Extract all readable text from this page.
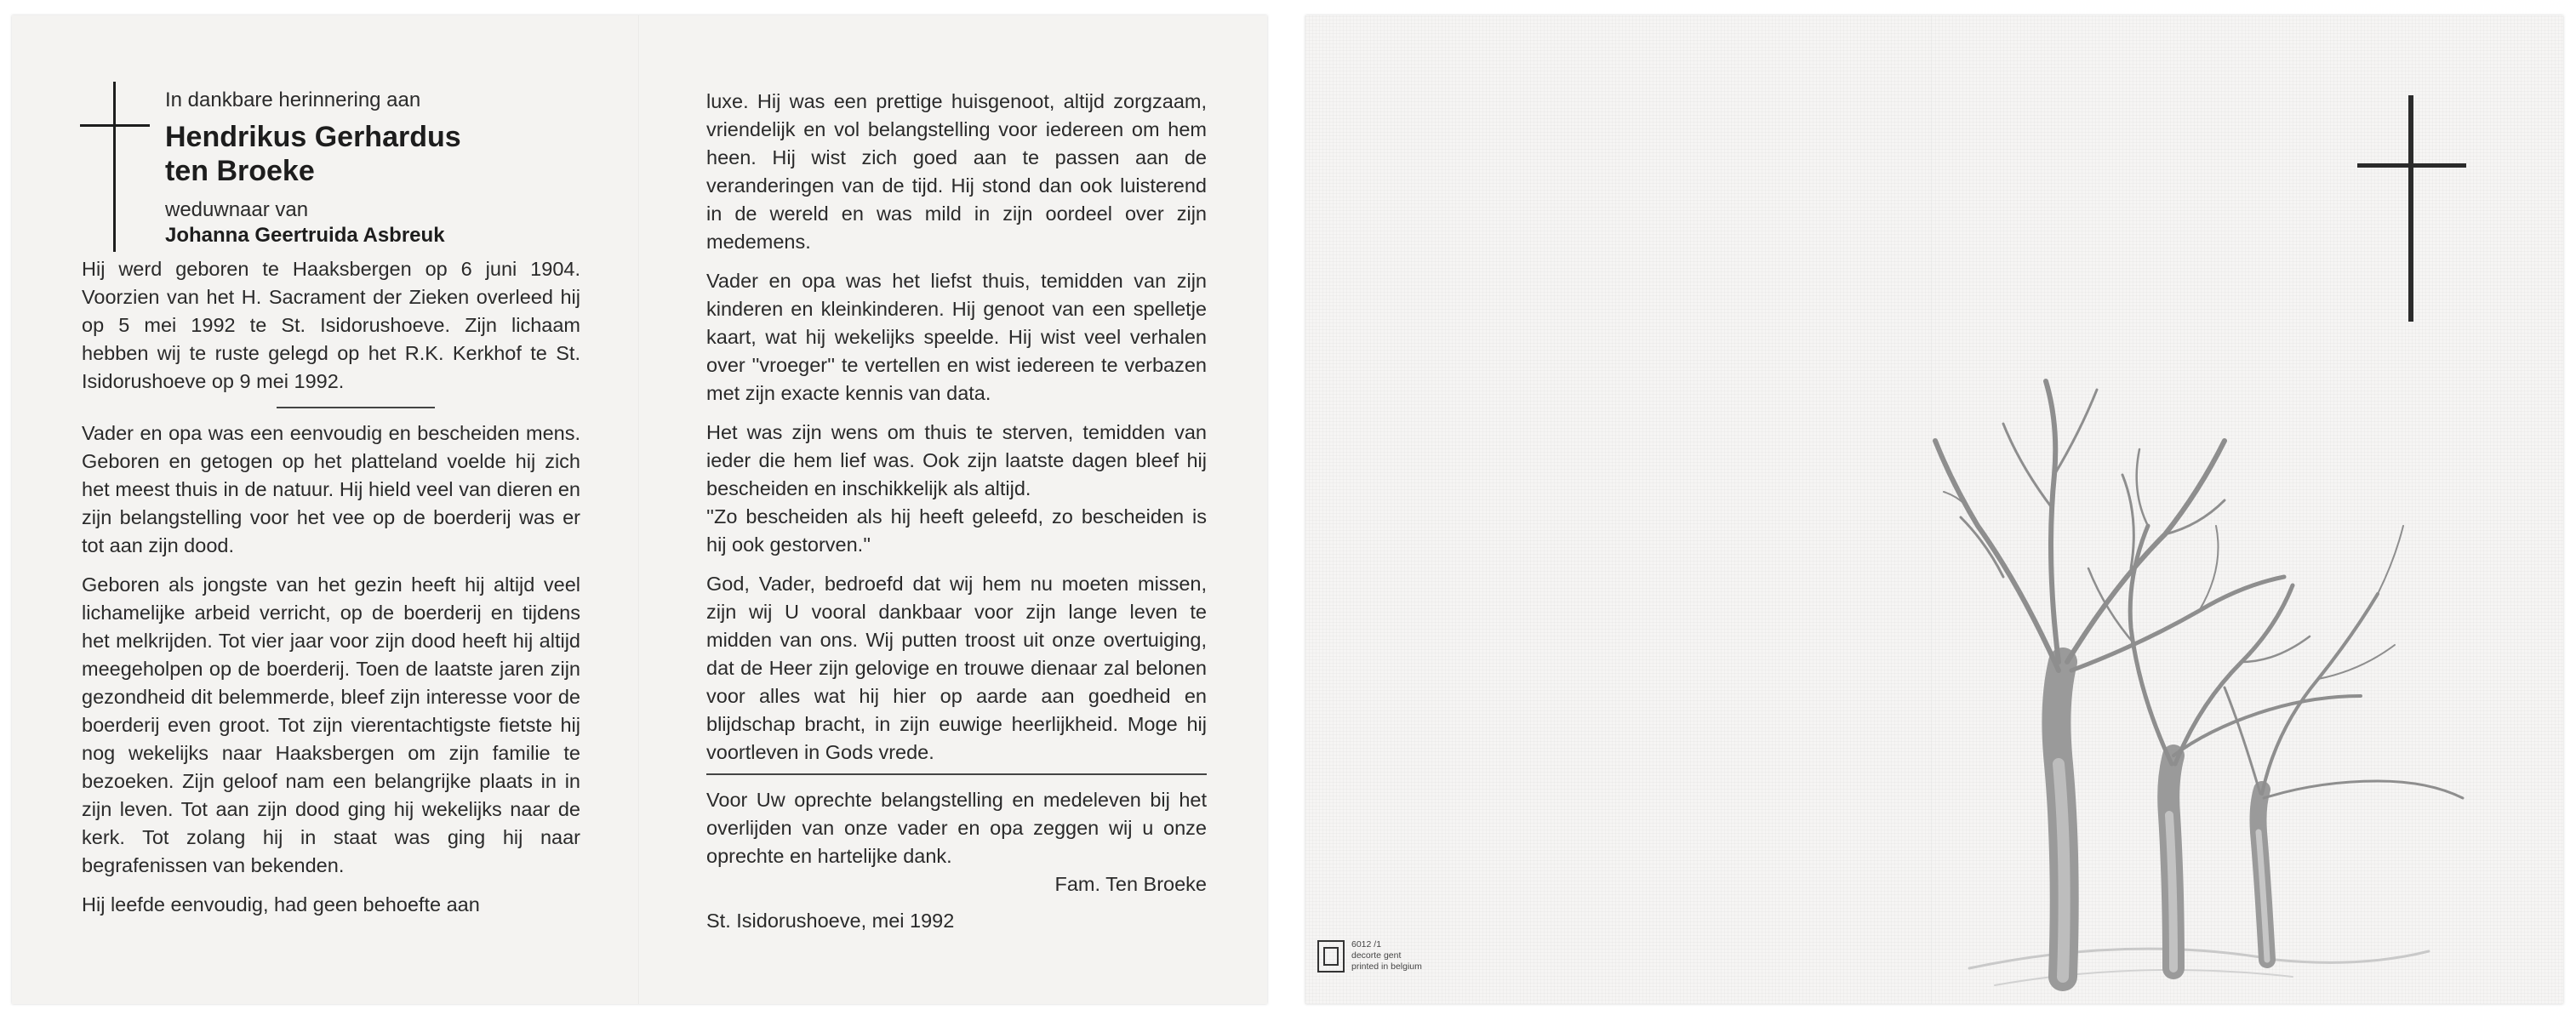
In dankbare herinnering aan
Hendrikus Gerhardus
ten Broeke
weduwnaar van
Johanna Geertruida Asbreuk

Hij werd geboren te Haaksbergen op 6 juni 1904. Voorzien van het H. Sacrament der Zieken overleed hij op 5 mei 1992 te St. Isidorushoeve. Zijn lichaam hebben wij te ruste gelegd op het R.K. Kerkhof te St. Isidorushoeve op 9 mei 1992.

Vader en opa was een eenvoudig en bescheiden mens. Geboren en getogen op het platteland voelde hij zich het meest thuis in de natuur. Hij hield veel van dieren en zijn belangstelling voor het vee op de boerderij was er tot aan zijn dood.

Geboren als jongste van het gezin heeft hij altijd veel lichamelijke arbeid verricht, op de boerderij en tijdens het melkrijden. Tot vier jaar voor zijn dood heeft hij altijd meegeholpen op de boerderij. Toen de laatste jaren zijn gezondheid dit belemmerde, bleef zijn interesse voor de boerderij even groot. Tot zijn vierentachtigste fietste hij nog wekelijks naar Haaksbergen om zijn familie te bezoeken. Zijn geloof nam een belangrijke plaats in in zijn leven. Tot aan zijn dood ging hij wekelijks naar de kerk. Tot zolang hij in staat was ging hij naar begrafenissen van bekenden.

Hij leefde eenvoudig, had geen behoefte aan

luxe. Hij was een prettige huisgenoot, altijd zorgzaam, vriendelijk en vol belangstelling voor iedereen om hem heen. Hij wist zich goed aan te passen aan de veranderingen van de tijd. Hij stond dan ook luisterend in de wereld en was mild in zijn oordeel over zijn medemens.

Vader en opa was het liefst thuis, temidden van zijn kinderen en kleinkinderen. Hij genoot van een spelletje kaart, wat hij wekelijks speelde. Hij wist veel verhalen over ''vroeger'' te vertellen en wist iedereen te verbazen met zijn exacte kennis van data.

Het was zijn wens om thuis te sterven, temidden van ieder die hem lief was. Ook zijn laatste dagen bleef hij bescheiden en inschikkelijk als altijd.

''Zo bescheiden als hij heeft geleefd, zo bescheiden is hij ook gestorven.''

God, Vader, bedroefd dat wij hem nu moeten missen, zijn wij U vooral dankbaar voor zijn lange leven te midden van ons. Wij putten troost uit onze overtuiging, dat de Heer zijn gelovige en trouwe dienaar zal belonen voor alles wat hij hier op aarde aan goedheid en blijdschap bracht, in zijn euwige heerlijkheid. Moge hij voortleven in Gods vrede.

Voor Uw oprechte belangstelling en medeleven bij het overlijden van onze vader en opa zeggen wij u onze oprechte en hartelijke dank.

Fam. Ten Broeke
St. Isidorushoeve, mei 1992
6012 /1
decorte gent
printed in belgium
